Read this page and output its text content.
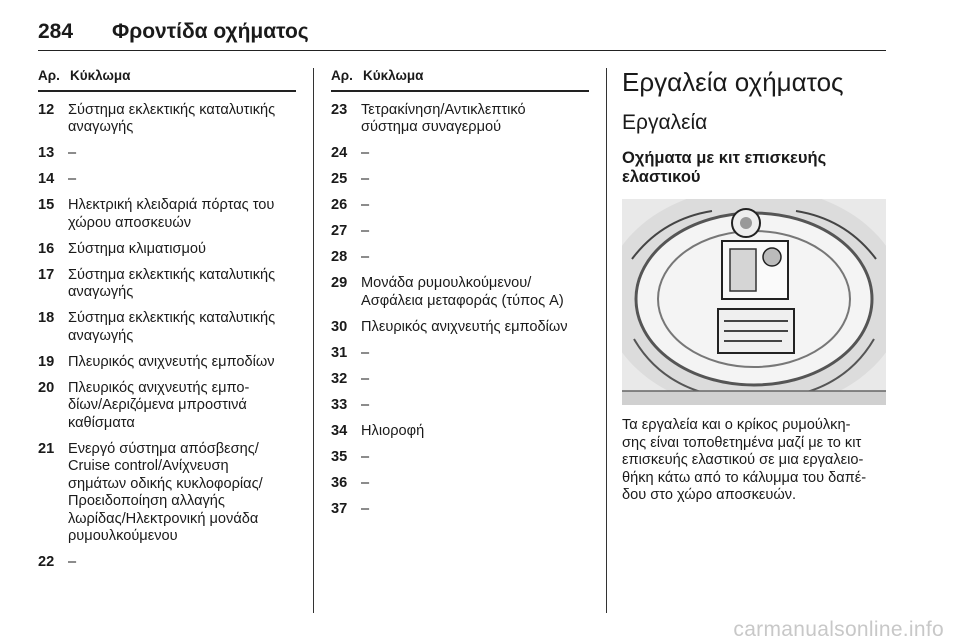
284 Φροντίδα οχήματος
Αρ. Κύκλωμα
12 Σύστημα εκλεκτικής καταλυτικής
αναγωγής
13 –
14 –
15 Ηλεκτρική κλειδαριά πόρτας του
χώρου αποσκευών
16 Σύστημα κλιματισμού
17 Σύστημα εκλεκτικής καταλυτικής
αναγωγής
18 Σύστημα εκλεκτικής καταλυτικής
αναγωγής
19 Πλευρικός ανιχνευτής εμποδίων
20 Πλευρικός ανιχνευτής εμπο-
δίων/Αεριζόμενα μπροστινά
καθίσματα
21 Ενεργό σύστημα απόσβεσης/
Cruise control/Ανίχνευση
σημάτων οδικής κυκλοφορίας/
Προειδοποίηση αλλαγής
λωρίδας/Ηλεκτρονική μονάδα
ρυμουλκούμενου
22 –
Αρ. Κύκλωμα
23 Τετρακίνηση/Αντικλεπτικό
σύστημα συναγερμού
24 –
25 –
26 –
27 –
28 –
29 Μονάδα ρυμουλκούμενου/
Ασφάλεια μεταφοράς (τύπος A)
30 Πλευρικός ανιχνευτής εμποδίων
31 –
32 –
33 –
34 Ηλιοροφή
35 –
36 –
37 –
Εργαλεία οχήματος
Εργαλεία
Οχήματα με κιτ επισκευής
ελαστικού
Τα εργαλεία και ο κρίκος ρυμούλκη-
σης είναι τοποθετημένα μαζί με το κιτ
επισκευής ελαστικού σε μια εργαλειο-
θήκη κάτω από το κάλυμμα του δαπέ-
δου στο χώρο αποσκευών.
carmanualsonline.info
